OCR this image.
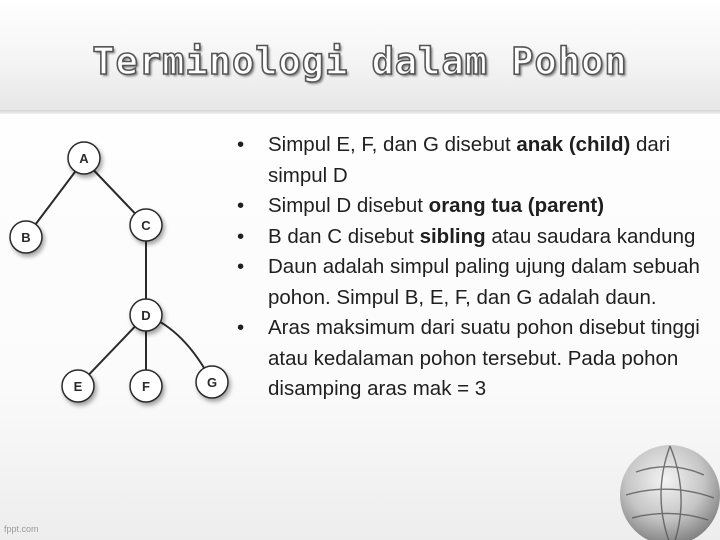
Terminologi dalam Pohon
A
B
C
D
E	F	G
•	Simpul E, F, dan G disebut anak (child) dari simpul D
•	Simpul D disebut orang tua (parent)
•	B dan C disebut sibling atau saudara kandung
•	Daun adalah simpul paling ujung dalam sebuah pohon. Simpul B, E, F, dan G adalah daun.
•	Aras maksimum dari suatu pohon disebut tinggi atau kedalaman pohon tersebut. Pada pohon disamping aras mak = 3
fppt.com
